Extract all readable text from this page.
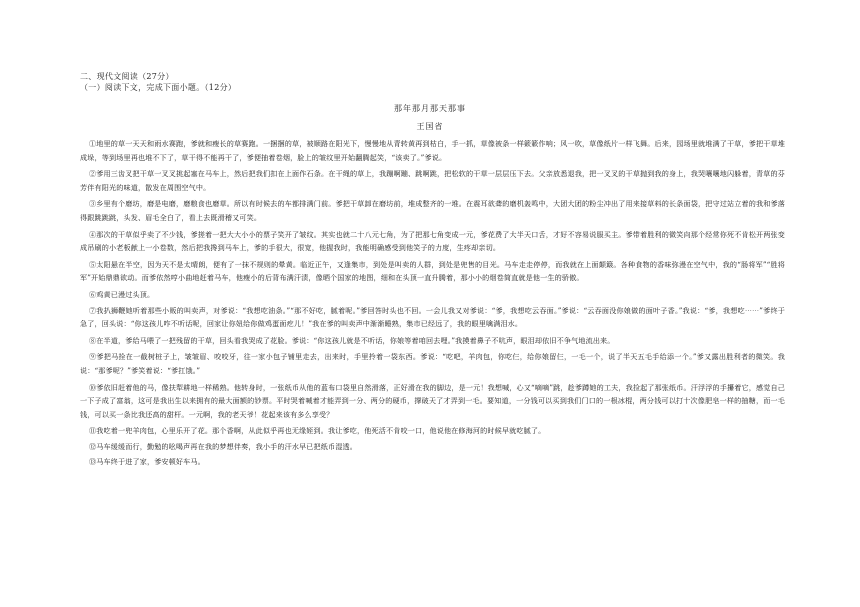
二、现代文阅读（27分）
（一）阅读下文，完成下面小题。（12分）
那年那月那天那事
王国省

①地里的草一天天和雨水赛跑，爹就和瘦长的草赛跑。一捆捆的草，被顺路在阳光下，慢慢地从青转黄再到枯白，手一抓，草像被条一样簌簌作响；风一吹，草像纸片一样飞舞。后来，园场里就堆满了干草，爹把干草堆成垛，等到场里再也堆不下了，草干得不能再干了，爹便抽着卷烟，脸上的皱纹里开始翻腾起笑，“该卖了。”爹说。

②爹用三齿叉把干草一叉叉挑起塞在马车上，然后把我们扣在上面作石条。在干绳的草上，我蹦啊蹦、跳啊跳，把松软的干草一层层压下去。父亲放悉退我，把一叉叉的干草抛到我的身上，我哭嚷嚷地闪躲着，青草的芬芳伴有阳光的味道，散发在周围空气中。

③乡里有个磨坊，磨是电磨，磨粮食也磨草。所以有时候去的车都排满门前。爹把干草卸在磨坊前，堆成整齐的一堆。在震耳欲聋的磨机轰鸣中，大团大团的粉尘冲出了用来接草料的长条面袋，把守过站立着的我和爹落得跟跳跳跳，头发、眉毛全白了，看上去既滑稽又可笑。

④那次的干草似乎卖了不少钱，爹搓着一把大大小小的票子笑开了皱纹。其实也就二十八元七角，为了把那七角变成一元，爹花费了大半天口舌，才好不容易说服买主。爹带着胜利的微笑向那个经常你死不肯松开两张变成吊刷的小老板献上一小卷数，然后把我搀到马车上，爹的手很大，很宽，他握我时，我能明确感受到他笑子的力度，生疼却亲切。

⑤太阳悬在半空，因为天不是太晴朗，便有了一抹不规则的晕黄。临近正午，又逢集市，到处是叫卖的人群，到处是兜售的目光。马车走走停停，而我就在上面颠簸。各种食物的香味弥漫在空气中，我的“肠将军”“胜将军”开始鼎鼎欲动。而爹依然哼小曲地赶着马车，他瘦小的后背布满汗渍，像晒个国家的地图，细和在头顶一直升腾着，那小小的烟卷简直就是他一生的骄傲。

⑥鸡黄已漫过头顶。

⑦我扒狮鞭她听着那些小贩的叫卖声，对爹说：“我想吃油条。”“那不好吃，腻着呢。”爹回答时头也不回。一会儿我又对爹说：“爹，我想吃云吞面。”爹说：“云吞面没你娘做的面叶子香。”我说：“爹，我想吃⋯⋯”爹终于急了，回头说：“你这孩儿咋不听话呢，回家让你妞给你做鸡蛋面疙儿！”我在爹的叫卖声中渐渐睡熟，集市已经远了，我的眼里噙满泪水。

⑧在半道，爹给马喂了一把残留的干草，回头看我哭成了花脸。爹说：“你这孩儿就是不听话，你娘等着咱回去哩。”我摸着鼻子不吭声，眼泪却依旧不争气地流出来。

⑨爹把马拴在一截树桩子上，皱皱眉、咬咬牙，往一家小包子铺里走去，出来时，手里拎着一袋东西。爹说：“吃吧，羊肉包，你吃仨，给你娘留仨，一毛一个，说了半天五毛手给添一个。”爹又露出胜利者的微笑。我说：“那爹呢？”爹笑着说：“爹扛饿。”

⑩爹依旧赶着他的马，像扶犁耕地一样稀熟。他转身时，一张纸币从他的蓝布口袋里自然滑落，正好滑在我的脚边，是一元！我想喊，心又“嘀嘀”跳，趁爹蹲她的工夫，我捡起了那张纸币。汗浮浮的手攥着它，感觉自己一下子成了富翁，这可是我出生以来拥有的最大面额的钞票。平时哭着喊着才能弄到一分、两分的硬币，撑破天了才弄到一毛。要知道，一分钱可以买到我们门口的一根冰棍，两分钱可以打十次像肥皂一样的抽糖，而一毛钱，可以买一条比我还高的甜杆。一元啊，我的老天爷！花起来该有多么享受？

⑪我吃着一兜羊肉包，心里乐开了花。那个香啊，从此似乎再也无缘姪到。我让爹吃，他死活不肯咬一口，他说他在修海河的时候早就吃腻了。

⑫马车缓缓而行，勤勉的吆喝声再在我的梦想伴奏，我小手的汗水早已把纸币湿透。

⑬马车终于进了家，爹安顿好车马。
